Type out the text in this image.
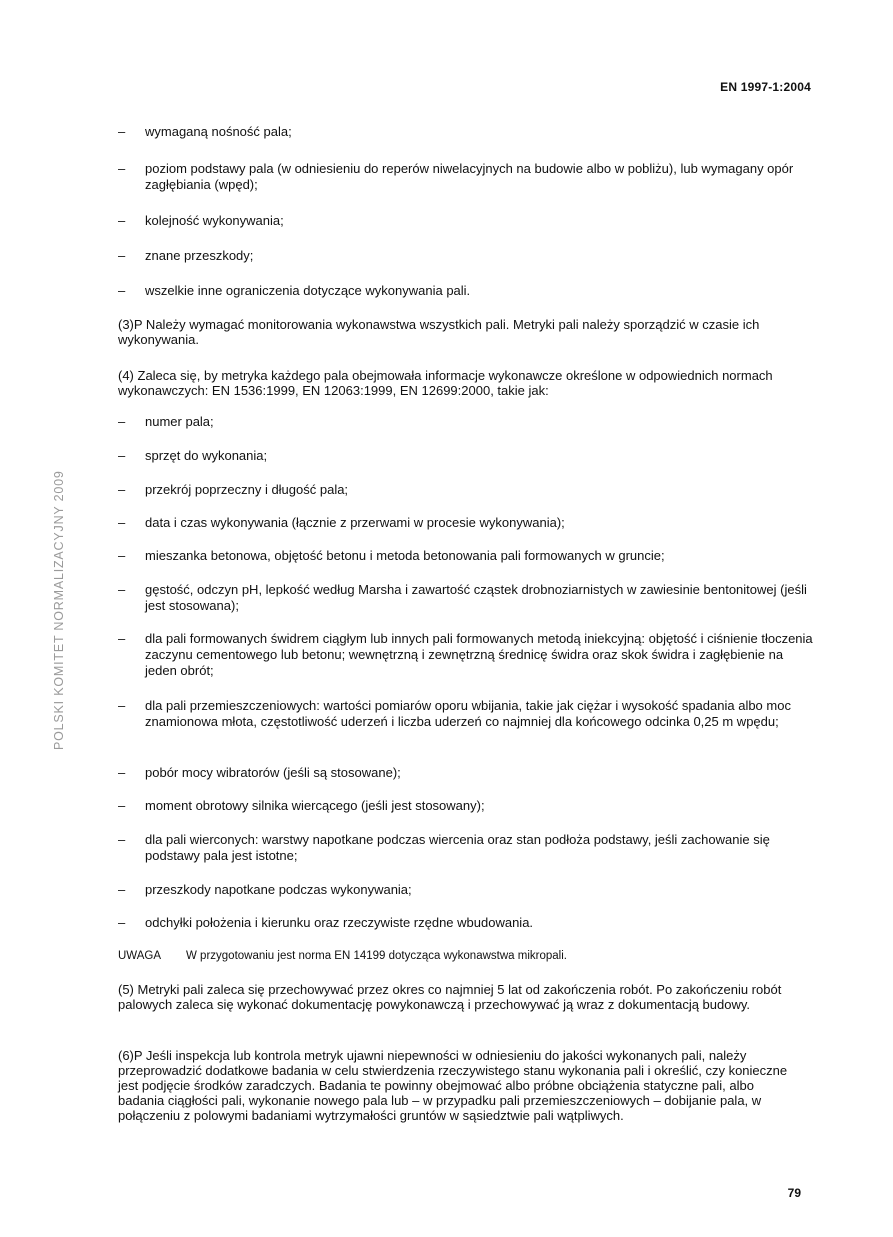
EN 1997-1:2004
POLSKI KOMITET NORMALIZACYJNY 2009
– wymaganą nośność pala;
– poziom podstawy pala (w odniesieniu do reperów niwelacyjnych na budowie albo w pobliżu), lub wymagany opór zagłębiania (wpęd);
– kolejność wykonywania;
– znane przeszkody;
– wszelkie inne ograniczenia dotyczące wykonywania pali.
(3)P Należy wymagać monitorowania wykonawstwa wszystkich pali. Metryki pali należy sporządzić w czasie ich wykonywania.
(4) Zaleca się, by metryka każdego pala obejmowała informacje wykonawcze określone w odpowiednich normach wykonawczych: EN 1536:1999, EN 12063:1999, EN 12699:2000, takie jak:
– numer pala;
– sprzęt do wykonania;
– przekrój poprzeczny i długość pala;
– data i czas wykonywania (łącznie z przerwami w procesie wykonywania);
– mieszanka betonowa, objętość betonu i metoda betonowania pali formowanych w gruncie;
– gęstość, odczyn pH, lepkość według Marsha i zawartość cząstek drobnoziarnistych w zawiesinie bentonitowej (jeśli jest stosowana);
– dla pali formowanych świdrem ciągłym lub innych pali formowanych metodą iniekcyjną: objętość i ciśnienie tłoczenia zaczynu cementowego lub betonu; wewnętrzną i zewnętrzną średnicę świdra oraz skok świdra i zagłębienie na jeden obrót;
– dla pali przemieszczeniowych: wartości pomiarów oporu wbijania, takie jak ciężar i wysokość spadania albo moc znamionowa młota, częstotliwość uderzeń i liczba uderzeń co najmniej dla końcowego odcinka 0,25 m wpędu;
– pobór mocy wibratorów (jeśli są stosowane);
– moment obrotowy silnika wiercącego (jeśli jest stosowany);
– dla pali wierconych: warstwy napotkane podczas wiercenia oraz stan podłoża podstawy, jeśli zachowanie się podstawy pala jest istotne;
– przeszkody napotkane podczas wykonywania;
– odchyłki położenia i kierunku oraz rzeczywiste rzędne wbudowania.
UWAGA W przygotowaniu jest norma EN 14199 dotycząca wykonawstwa mikropali.
(5) Metryki pali zaleca się przechowywać przez okres co najmniej 5 lat od zakończenia robót. Po zakończeniu robót palowych zaleca się wykonać dokumentację powykonawczą i przechowywać ją wraz z dokumentacją budowy.
(6)P Jeśli inspekcja lub kontrola metryk ujawni niepewności w odniesieniu do jakości wykonanych pali, należy przeprowadzić dodatkowe badania w celu stwierdzenia rzeczywistego stanu wykonania pali i określić, czy konieczne jest podjęcie środków zaradczych. Badania te powinny obejmować albo próbne obciążenia statyczne pali, albo badania ciągłości pali, wykonanie nowego pala lub – w przypadku pali przemieszczeniowych – dobijanie pala, w połączeniu z polowymi badaniami wytrzymałości gruntów w sąsiedztwie pali wątpliwych.
79
